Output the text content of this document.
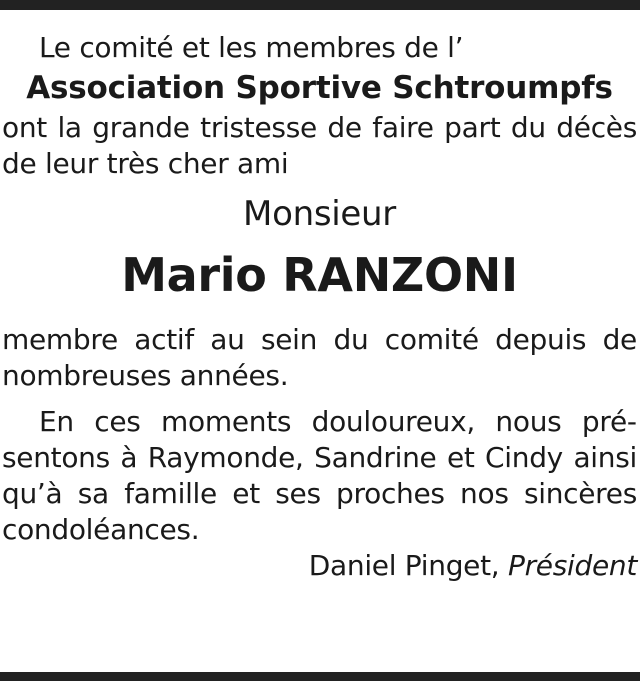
Le comité et les membres de l’

Association Sportive Schtroumpfs

ont la grande tristesse de faire part du décès de leur très cher ami

Monsieur

Mario RANZONI

membre actif au sein du comité depuis de nombreuses années.

En ces moments douloureux, nous présentons à Raymonde, Sandrine et Cindy ainsi qu’à sa famille et ses proches nos sincères condoléances.

Daniel Pinget, Président
